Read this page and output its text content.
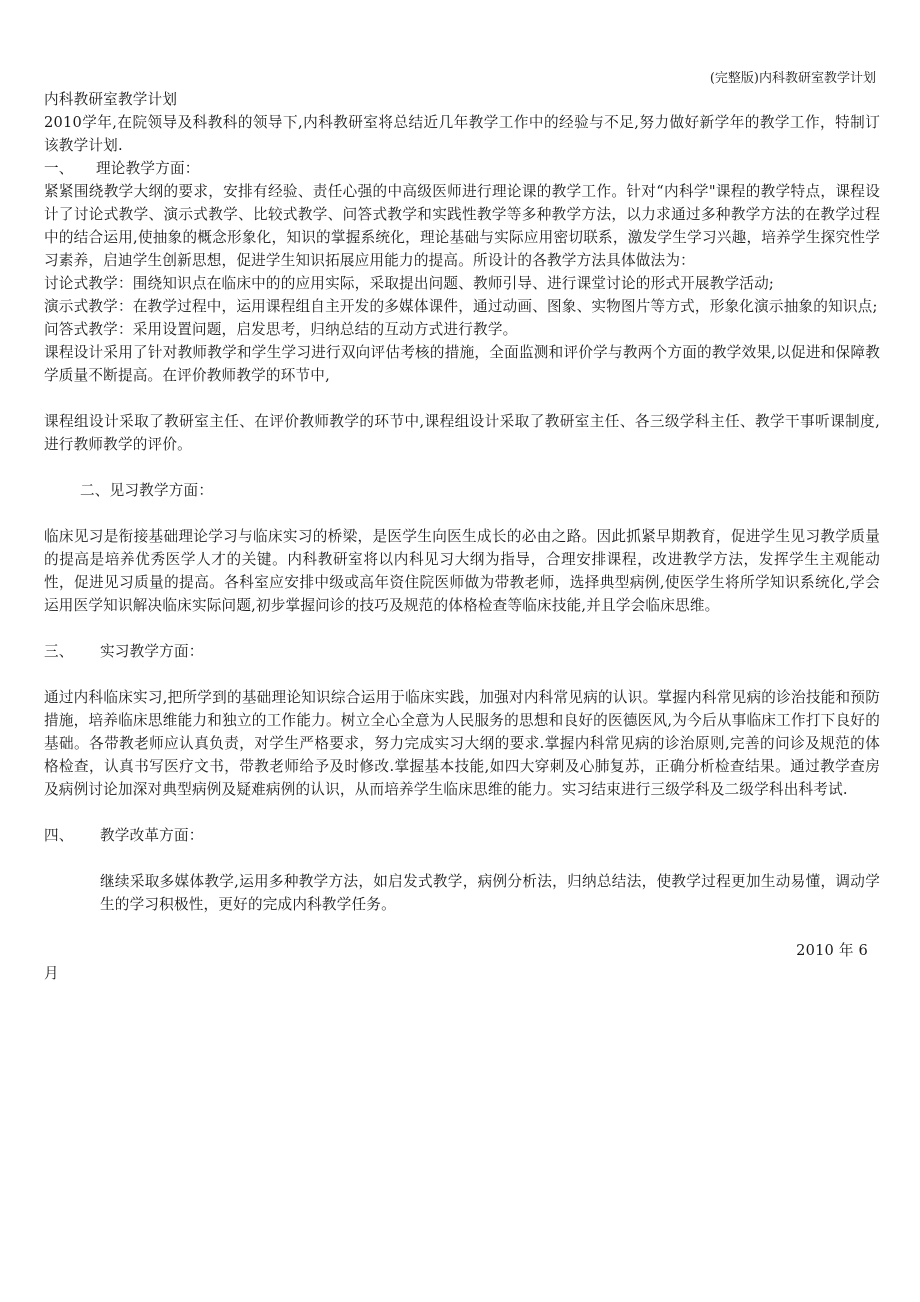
(完整版)内科教研室教学计划

内科教研室教学计划

2010学年,在院领导及科教科的领导下,内科教研室将总结近几年教学工作中的经验与不足,努力做好新学年的教学工作，特制订该教学计划.

一、 理论教学方面：

紧紧围绕教学大纲的要求，安排有经验、责任心强的中高级医师进行理论课的教学工作。针对“内科学"课程的教学特点，课程设计了讨论式教学、演示式教学、比较式教学、问答式教学和实践性教学等多种教学方法，以力求通过多种教学方法的在教学过程中的结合运用,使抽象的概念形象化，知识的掌握系统化，理论基础与实际应用密切联系，激发学生学习兴趣，培养学生探究性学习素养，启迪学生创新思想，促进学生知识拓展应用能力的提高。所设计的各教学方法具体做法为：

讨论式教学：围绕知识点在临床中的的应用实际，采取提出问题、教师引导、进行课堂讨论的形式开展教学活动;

演示式教学：在教学过程中，运用课程组自主开发的多媒体课件，通过动画、图象、实物图片等方式，形象化演示抽象的知识点;

问答式教学：采用设置问题，启发思考，归纳总结的互动方式进行教学。

课程设计采用了针对教师教学和学生学习进行双向评估考核的措施，全面监测和评价学与教两个方面的教学效果,以促进和保障教学质量不断提高。在评价教师教学的环节中,

课程组设计采取了教研室主任、在评价教师教学的环节中,课程组设计采取了教研室主任、各三级学科主任、教学干事听课制度,进行教师教学的评价。

二、见习教学方面：

临床见习是衔接基础理论学习与临床实习的桥梁，是医学生向医生成长的必由之路。因此抓紧早期教育，促进学生见习教学质量的提高是培养优秀医学人才的关键。内科教研室将以内科见习大纲为指导，合理安排课程，改进教学方法，发挥学生主观能动性，促进见习质量的提高。各科室应安排中级或高年资住院医师做为带教老师，选择典型病例,使医学生将所学知识系统化,学会运用医学知识解决临床实际问题,初步掌握问诊的技巧及规范的体格检查等临床技能,并且学会临床思维。

三、 实习教学方面：

通过内科临床实习,把所学到的基础理论知识综合运用于临床实践，加强对内科常见病的认识。掌握内科常见病的诊治技能和预防措施，培养临床思维能力和独立的工作能力。树立全心全意为人民服务的思想和良好的医德医风,为今后从事临床工作打下良好的基础。各带教老师应认真负责，对学生严格要求，努力完成实习大纲的要求.掌握内科常见病的诊治原则,完善的问诊及规范的体格检查，认真书写医疗文书，带教老师给予及时修改.掌握基本技能,如四大穿刺及心肺复苏，正确分析检查结果。通过教学查房及病例讨论加深对典型病例及疑难病例的认识，从而培养学生临床思维的能力。实习结束进行三级学科及二级学科出科考试.

四、 教学改革方面：

继续采取多媒体教学,运用多种教学方法，如启发式教学，病例分析法，归纳总结法，使教学过程更加生动易懂，调动学生的学习积极性，更好的完成内科教学任务。

2010 年 6

月
